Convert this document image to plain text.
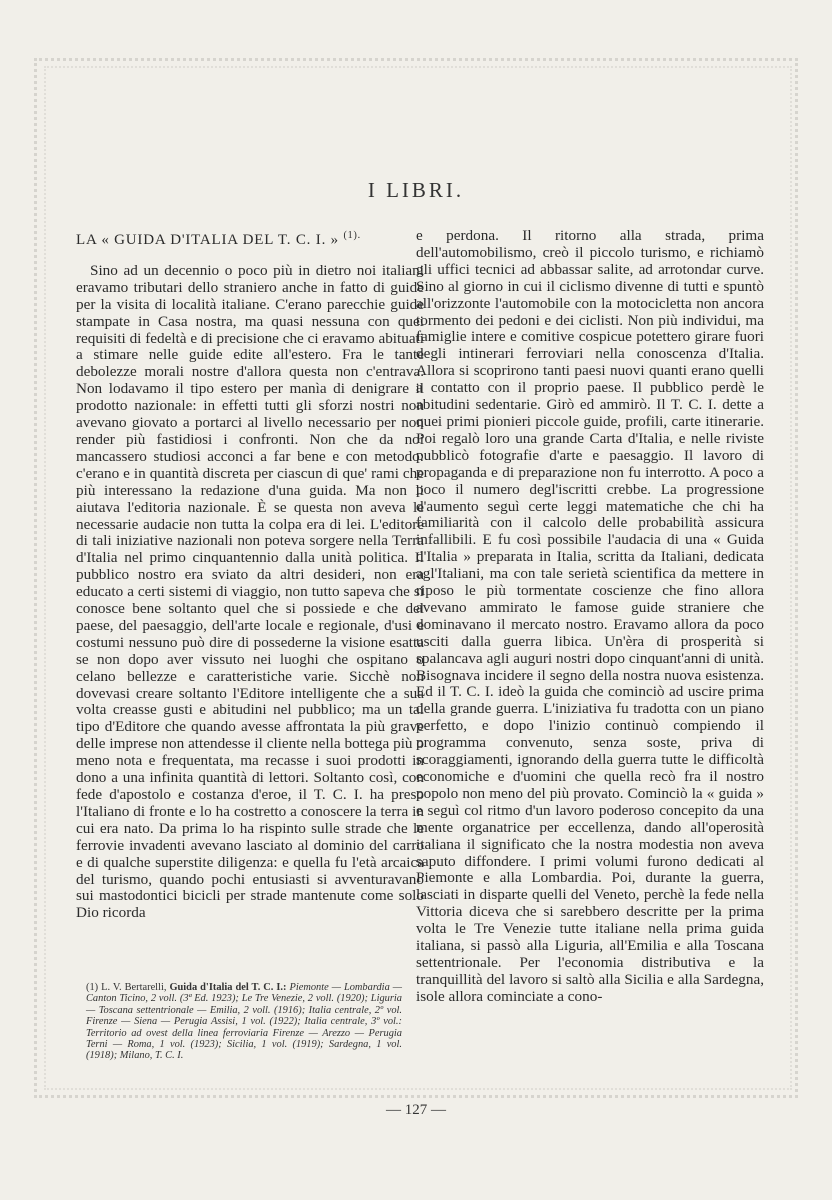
I LIBRI.
LA « GUIDA D'ITALIA DEL T. C. I. » $^{(1).}$

Sino ad un decennio o poco più in dietro noi italiani eravamo tributari dello straniero anche in fatto di guide per la visita di località italiane. C'erano parecchie guide stampate in Casa nostra, ma quasi nessuna con quei requisiti di fedeltà e di precisione che ci eravamo abituati a stimare nelle guide edite all'estero. Fra le tante debolezze morali nostre d'allora questa non c'entrava. Non lodavamo il tipo estero per manìa di denigrare il prodotto nazionale: in effetti tutti gli sforzi nostri non avevano giovato a portarci al livello necessario per non render più fastidiosi i confronti. Non che da noi mancassero studiosi acconci a far bene e con metodo: c'erano e in quantità discreta per ciascun di que' rami che più interessano la redazione d'una guida. Ma non li aiutava l'editoria nazionale. È se questa non aveva le necessarie audacie non tutta la colpa era di lei. L'editore di tali iniziative nazionali non poteva sorgere nella Terra d'Italia nel primo cinquantennio dalla unità politica. Il pubblico nostro era sviato da altri desideri, non era educato a certi sistemi di viaggio, non tutto sapeva che si conosce bene soltanto quel che si possiede e che del paese, del paesaggio, dell'arte locale e regionale, d'usi e costumi nessuno può dire di possederne la visione esatta se non dopo aver vissuto nei luoghi che ospitano o celano bellezze e caratteristiche varie. Sicchè non dovevasi creare soltanto l'Editore intelligente che a sua volta creasse gusti e abitudini nel pubblico; ma un tal tipo d'Editore che quando avesse affrontata la più grave delle imprese non attendesse il cliente nella bottega più o meno nota e frequentata, ma recasse i suoi prodotti in dono a una infinita quantità di lettori. Soltanto così, con fede d'apostolo e costanza d'eroe, il T. C. I. ha preso l'Italiano di fronte e lo ha costretto a conoscere la terra in cui era nato. Da prima lo ha rispinto sulle strade che le ferrovie invadenti avevano lasciato al dominio del carro e di qualche superstite diligenza: e quella fu l'età arcaica del turismo, quando pochi entusiasti si avventuravano sui mastodontici bicicli per strade mantenute come solo Dio ricorda

e perdona. Il ritorno alla strada, prima dell'automobilismo, creò il piccolo turismo, e richiamò gli uffici tecnici ad abbassar salite, ad arrotondar curve. Sino al giorno in cui il ciclismo divenne di tutti e spuntò all'orizzonte l'automobile con la motocicletta non ancora tormento dei pedoni e dei ciclisti. Non più individui, ma famiglie intere e comitive cospicue potettero girare fuori degli intinerari ferroviari nella conoscenza d'Italia. Allora si scoprirono tanti paesi nuovi quanti erano quelli a contatto con il proprio paese. Il pubblico perdè le abitudini sedentarie. Girò ed ammirò. Il T. C. I. dette a quei primi pionieri piccole guide, profili, carte itinerarie. Poi regalò loro una grande Carta d'Italia, e nelle riviste pubblicò fotografie d'arte e paesaggio. Il lavoro di propaganda e di preparazione non fu interrotto. A poco a poco il numero degl'iscritti crebbe. La progressione d'aumento seguì certe leggi matematiche che chi ha familiarità con il calcolo delle probabilità assicura infallibili. E fu così possibile l'audacia di una « Guida d'Italia » preparata in Italia, scritta da Italiani, dedicata agl'Italiani, ma con tale serietà scientifica da mettere in riposo le più tormentate coscienze che fino allora avevano ammirato le famose guide straniere che dominavano il mercato nostro. Eravamo allora da poco usciti dalla guerra libica. Un'èra di prosperità si spalancava agli auguri nostri dopo cinquant'anni di unità. Bisognava incidere il segno della nostra nuova esistenza. Ed il T. C. I. ideò la guida che cominciò ad uscire prima della grande guerra. L'iniziativa fu tradotta con un piano perfetto, e dopo l'inizio continuò compiendo il programma convenuto, senza soste, priva di scoraggiamenti, ignorando della guerra tutte le difficoltà economiche e d'uomini che quella recò fra il nostro popolo non meno del più provato. Cominciò la « guida » e seguì col ritmo d'un lavoro poderoso concepito da una mente organatrice per eccellenza, dando all'operosità italiana il significato che la nostra modestia non aveva saputo diffondere. I primi volumi furono dedicati al Piemonte e alla Lombardia. Poi, durante la guerra, lasciati in disparte quelli del Veneto, perchè la fede nella Vittoria diceva che si sarebbero descritte per la prima volta le Tre Venezie tutte italiane nella prima guida italiana, si passò alla Liguria, all'Emilia e alla Toscana settentrionale. Per l'economia distributiva e la tranquillità del lavoro si saltò alla Sicilia e alla Sardegna, isole allora cominciate a cono-

(1) L. V. Bertarelli, Guida d'Italia del T. C. I.: Piemonte — Lombardia — Canton Ticino, 2 voll. (3ª Ed. 1923); Le Tre Venezie, 2 voll. (1920); Liguria — Toscana settentrionale — Emilia, 2 voll. (1916); Italia centrale, 2º vol. Firenze — Siena — Perugia Assisi, 1 vol. (1922); Italia centrale, 3º vol.: Territorio ad ovest della linea ferroviaria Firenze — Arezzo — Perugia Terni — Roma, 1 vol. (1923); Sicilia, 1 vol. (1919); Sardegna, 1 vol. (1918); Milano, T. C. I.
— 127 —
